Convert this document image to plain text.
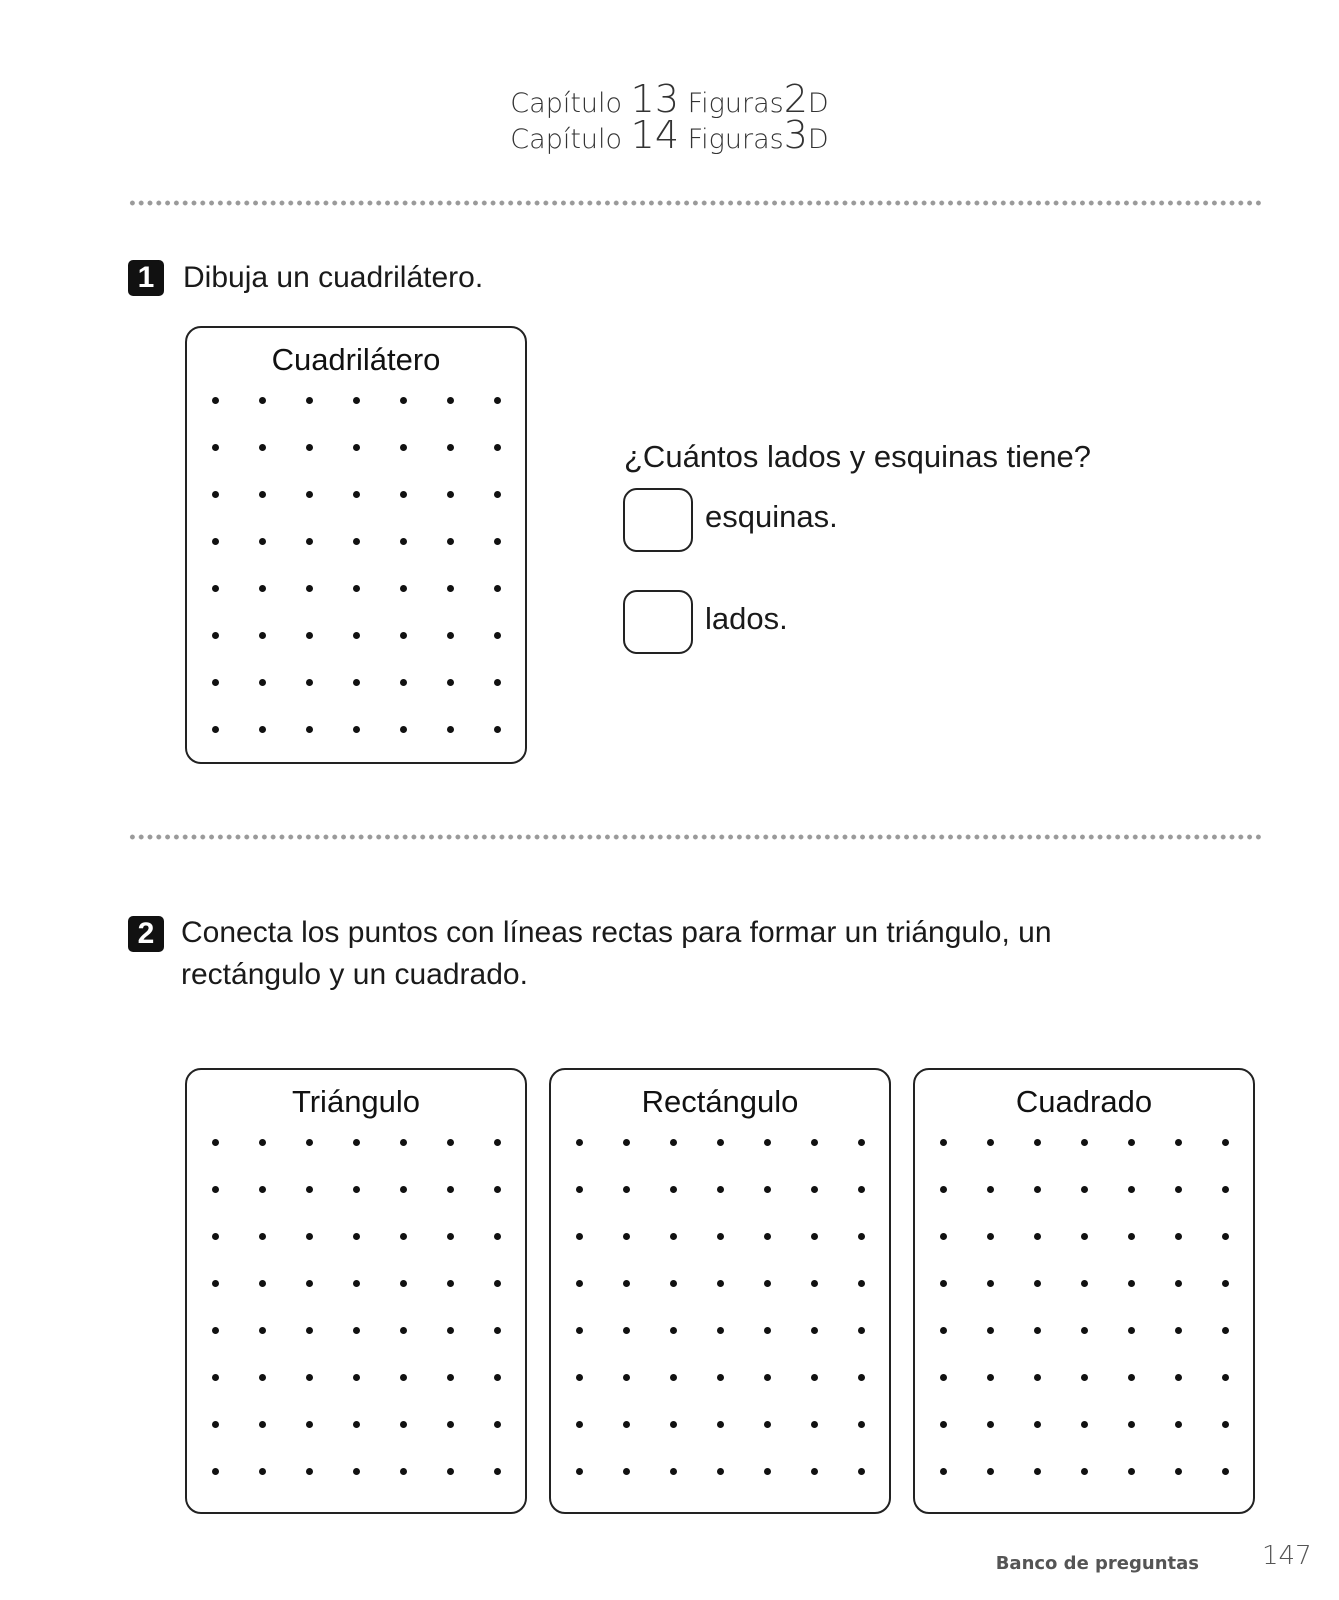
Capítulo 13 Figuras2D
Capítulo 14 Figuras3D
1 Dibuja un cuadrilátero.
Cuadrilátero
¿Cuántos lados y esquinas tiene?
esquinas.
lados.
2 Conecta los puntos con líneas rectas para formar un triángulo, un
rectángulo y un cuadrado.
Triángulo	Rectángulo	Cuadrado
Banco de preguntas 147
